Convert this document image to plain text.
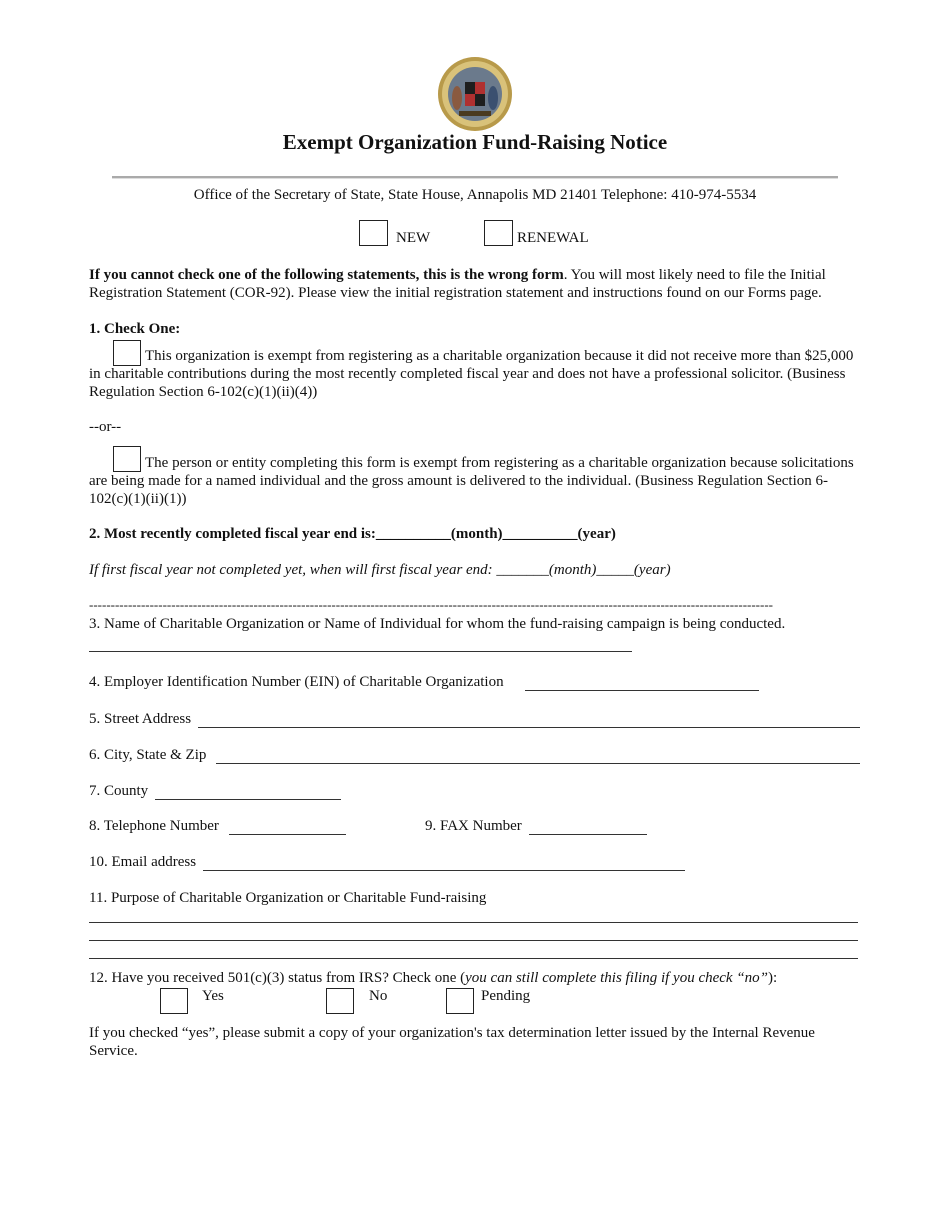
Exempt Organization Fund-Raising Notice
Office of the Secretary of State, State House, Annapolis MD 21401 Telephone: 410-974-5534
NEW	RENEWAL
If you cannot check one of the following statements, this is the wrong form. You will most likely need to file the Initial Registration Statement (COR-92). Please view the initial registration statement and instructions found on our Forms page.
1. Check One:
This organization is exempt from registering as a charitable organization because it did not receive more than $25,000 in charitable contributions during the most recently completed fiscal year and does not have a professional solicitor. (Business Regulation Section 6-102(c)(1)(ii)(4))
--or--
The person or entity completing this form is exempt from registering as a charitable organization because solicitations are being made for a named individual and the gross amount is delivered to the individual. (Business Regulation Section 6-102(c)(1)(ii)(1))
2. Most recently completed fiscal year end is:__________(month)__________(year)
If first fiscal year not completed yet, when will first fiscal year end: _______(month)_____(year)
--------------------------------------------------------------------------------------------------------------------------------------------------------------
3. Name of Charitable Organization or Name of Individual for whom the fund-raising campaign is being conducted.
4. Employer Identification Number (EIN) of Charitable Organization
5. Street Address
6. City, State & Zip
7. County
8. Telephone Number	9. FAX Number
10. Email address
11. Purpose of Charitable Organization or Charitable Fund-raising
12. Have you received 501(c)(3) status from IRS? Check one (you can still complete this filing if you check “no”):
Yes	No	Pending
If you checked “yes”, please submit a copy of your organization's tax determination letter issued by the Internal Revenue Service.
